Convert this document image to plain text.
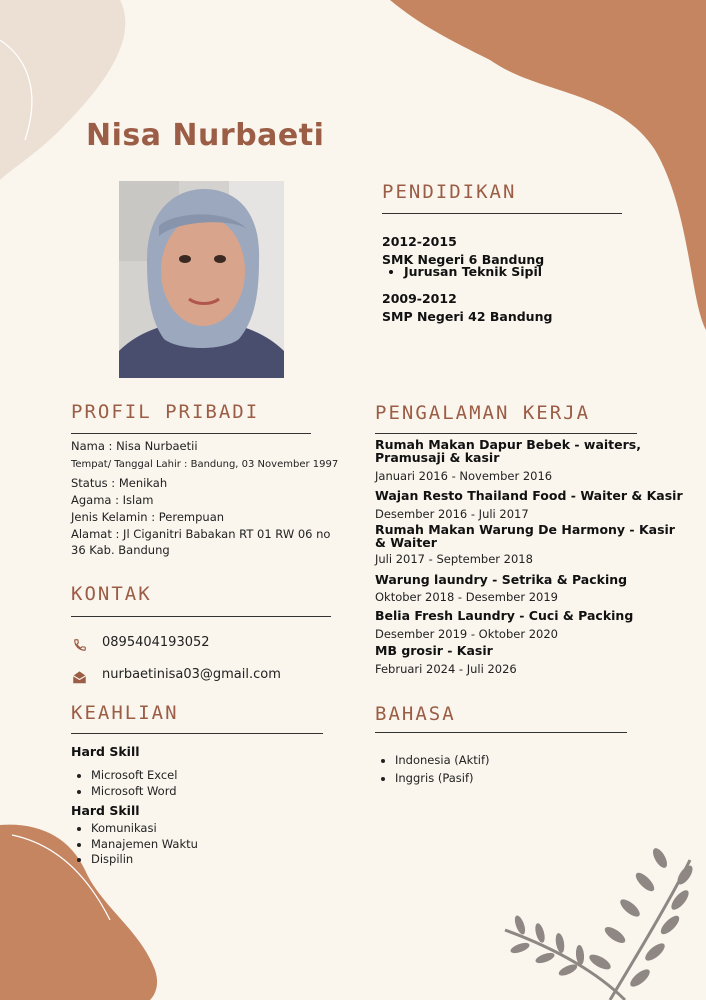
Nisa Nurbaeti
PENDIDIKAN
2012-2015
SMK Negeri 6 Bandung
• Jurusan Teknik Sipil
2009-2012
SMP Negeri 42 Bandung
PROFIL PRIBADI
Nama : Nisa Nurbaetii
Tempat/ Tanggal Lahir : Bandung, 03 November 1997
Status : Menikah
Agama : Islam
Jenis Kelamin : Perempuan
Alamat : Jl Ciganitri Babakan RT 01 RW 06 no
36 Kab. Bandung
KONTAK
0895404193052
nurbaetinisa03@gmail.com
KEAHLIAN
Hard Skill
• Microsoft Excel
• Microsoft Word
Hard Skill
• Komunikasi
• Manajemen Waktu
• Dispilin
PENGALAMAN KERJA
Rumah Makan Dapur Bebek - waiters,
Pramusaji & kasir
Januari 2016 - November 2016
Wajan Resto Thailand Food - Waiter & Kasir
Desember 2016 - Juli 2017
Rumah Makan Warung De Harmony - Kasir
& Waiter
Juli 2017 - September 2018
Warung laundry - Setrika & Packing
Oktober 2018 - Desember 2019
Belia Fresh Laundry - Cuci & Packing
Desember 2019 - Oktober 2020
MB grosir - Kasir
Februari 2024 - Juli 2026
BAHASA
• Indonesia (Aktif)
• Inggris (Pasif)
